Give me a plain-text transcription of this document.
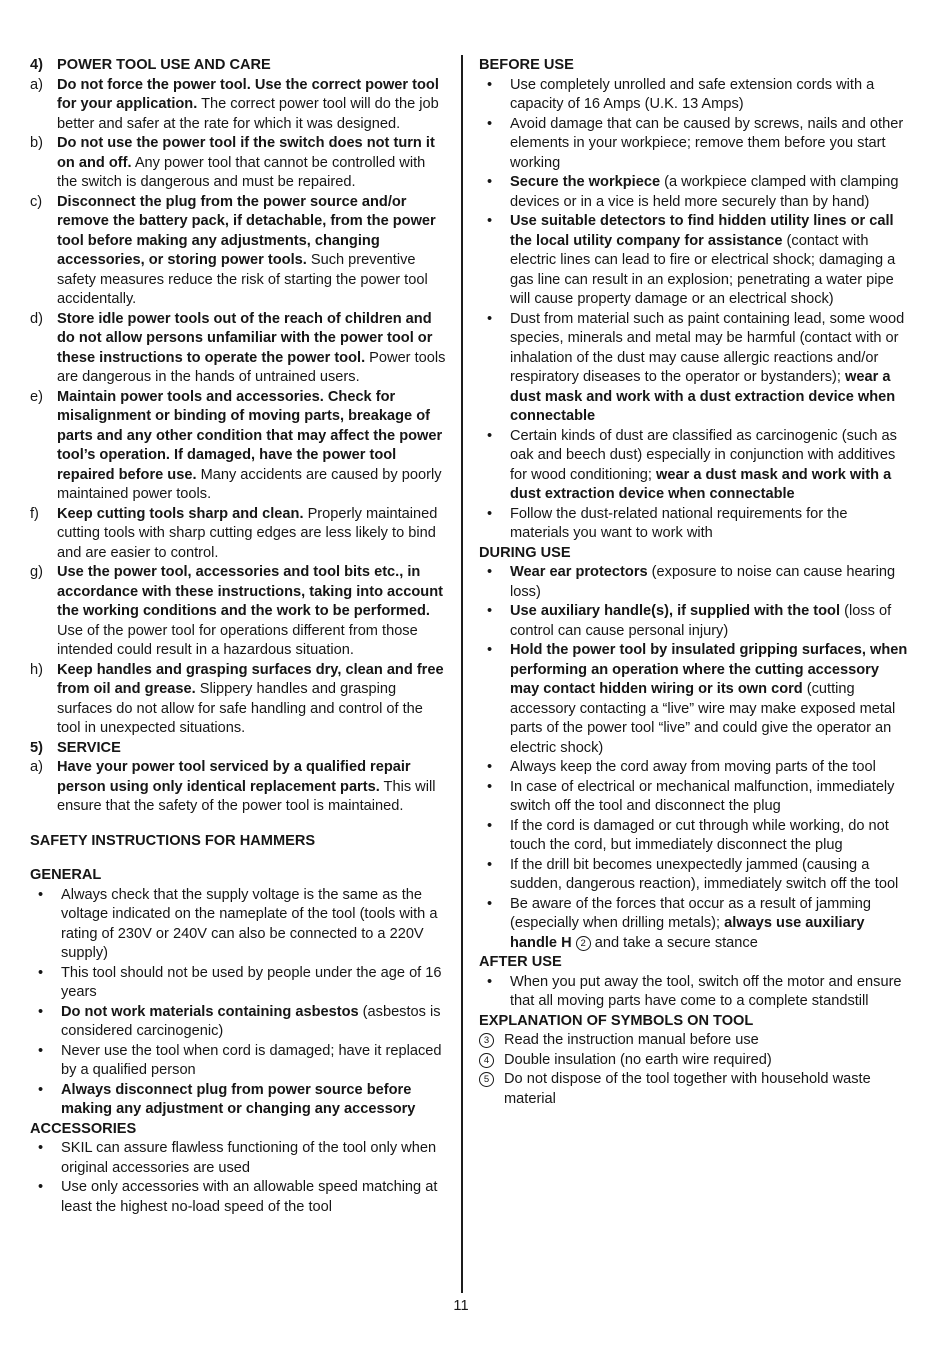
4) POWER TOOL USE AND CARE
a) Do not force the power tool. Use the correct power tool for your application. The correct power tool will do the job better and safer at the rate for which it was designed.
b) Do not use the power tool if the switch does not turn it on and off. Any power tool that cannot be controlled with the switch is dangerous and must be repaired.
c) Disconnect the plug from the power source and/or remove the battery pack, if detachable, from the power tool before making any adjustments, changing accessories, or storing power tools. Such preventive safety measures reduce the risk of starting the power tool accidentally.
d) Store idle power tools out of the reach of children and do not allow persons unfamiliar with the power tool or these instructions to operate the power tool. Power tools are dangerous in the hands of untrained users.
e) Maintain power tools and accessories. Check for misalignment or binding of moving parts, breakage of parts and any other condition that may affect the power tool’s operation. If damaged, have the power tool repaired before use. Many accidents are caused by poorly maintained power tools.
f) Keep cutting tools sharp and clean. Properly maintained cutting tools with sharp cutting edges are less likely to bind and are easier to control.
g) Use the power tool, accessories and tool bits etc., in accordance with these instructions, taking into account the working conditions and the work to be performed. Use of the power tool for operations different from those intended could result in a hazardous situation.
h) Keep handles and grasping surfaces dry, clean and free from oil and grease. Slippery handles and grasping surfaces do not allow for safe handling and control of the tool in unexpected situations.
5) SERVICE
a) Have your power tool serviced by a qualified repair person using only identical replacement parts. This will ensure that the safety of the power tool is maintained.
SAFETY INSTRUCTIONS FOR HAMMERS
GENERAL
• Always check that the supply voltage is the same as the voltage indicated on the nameplate of the tool (tools with a rating of 230V or 240V can also be connected to a 220V supply)
• This tool should not be used by people under the age of 16 years
• Do not work materials containing asbestos (asbestos is considered carcinogenic)
• Never use the tool when cord is damaged; have it replaced by a qualified person
• Always disconnect plug from power source before making any adjustment or changing any accessory
ACCESSORIES
• SKIL can assure flawless functioning of the tool only when original accessories are used
• Use only accessories with an allowable speed matching at least the highest no-load speed of the tool
BEFORE USE
• Use completely unrolled and safe extension cords with a capacity of 16 Amps (U.K. 13 Amps)
• Avoid damage that can be caused by screws, nails and other elements in your workpiece; remove them before you start working
• Secure the workpiece (a workpiece clamped with clamping devices or in a vice is held more securely than by hand)
• Use suitable detectors to find hidden utility lines or call the local utility company for assistance (contact with electric lines can lead to fire or electrical shock; damaging a gas line can result in an explosion; penetrating a water pipe will cause property damage or an electrical shock)
• Dust from material such as paint containing lead, some wood species, minerals and metal may be harmful (contact with or inhalation of the dust may cause allergic reactions and/or respiratory diseases to the operator or bystanders); wear a dust mask and work with a dust extraction device when connectable
• Certain kinds of dust are classified as carcinogenic (such as oak and beech dust) especially in conjunction with additives for wood conditioning; wear a dust mask and work with a dust extraction device when connectable
• Follow the dust-related national requirements for the materials you want to work with
DURING USE
• Wear ear protectors (exposure to noise can cause hearing loss)
• Use auxiliary handle(s), if supplied with the tool (loss of control can cause personal injury)
• Hold the power tool by insulated gripping surfaces, when performing an operation where the cutting accessory may contact hidden wiring or its own cord (cutting accessory contacting a “live” wire may make exposed metal parts of the power tool “live” and could give the operator an electric shock)
• Always keep the cord away from moving parts of the tool
• In case of electrical or mechanical malfunction, immediately switch off the tool and disconnect the plug
• If the cord is damaged or cut through while working, do not touch the cord, but immediately disconnect the plug
• If the drill bit becomes unexpectedly jammed (causing a sudden, dangerous reaction), immediately switch off the tool
• Be aware of the forces that occur as a result of jamming (especially when drilling metals); always use auxiliary handle H 2 and take a secure stance
AFTER USE
• When you put away the tool, switch off the motor and ensure that all moving parts have come to a complete standstill
EXPLANATION OF SYMBOLS ON TOOL
3	Read the instruction manual before use
4	Double insulation (no earth wire required)
5	Do not dispose of the tool together with household waste material
11
